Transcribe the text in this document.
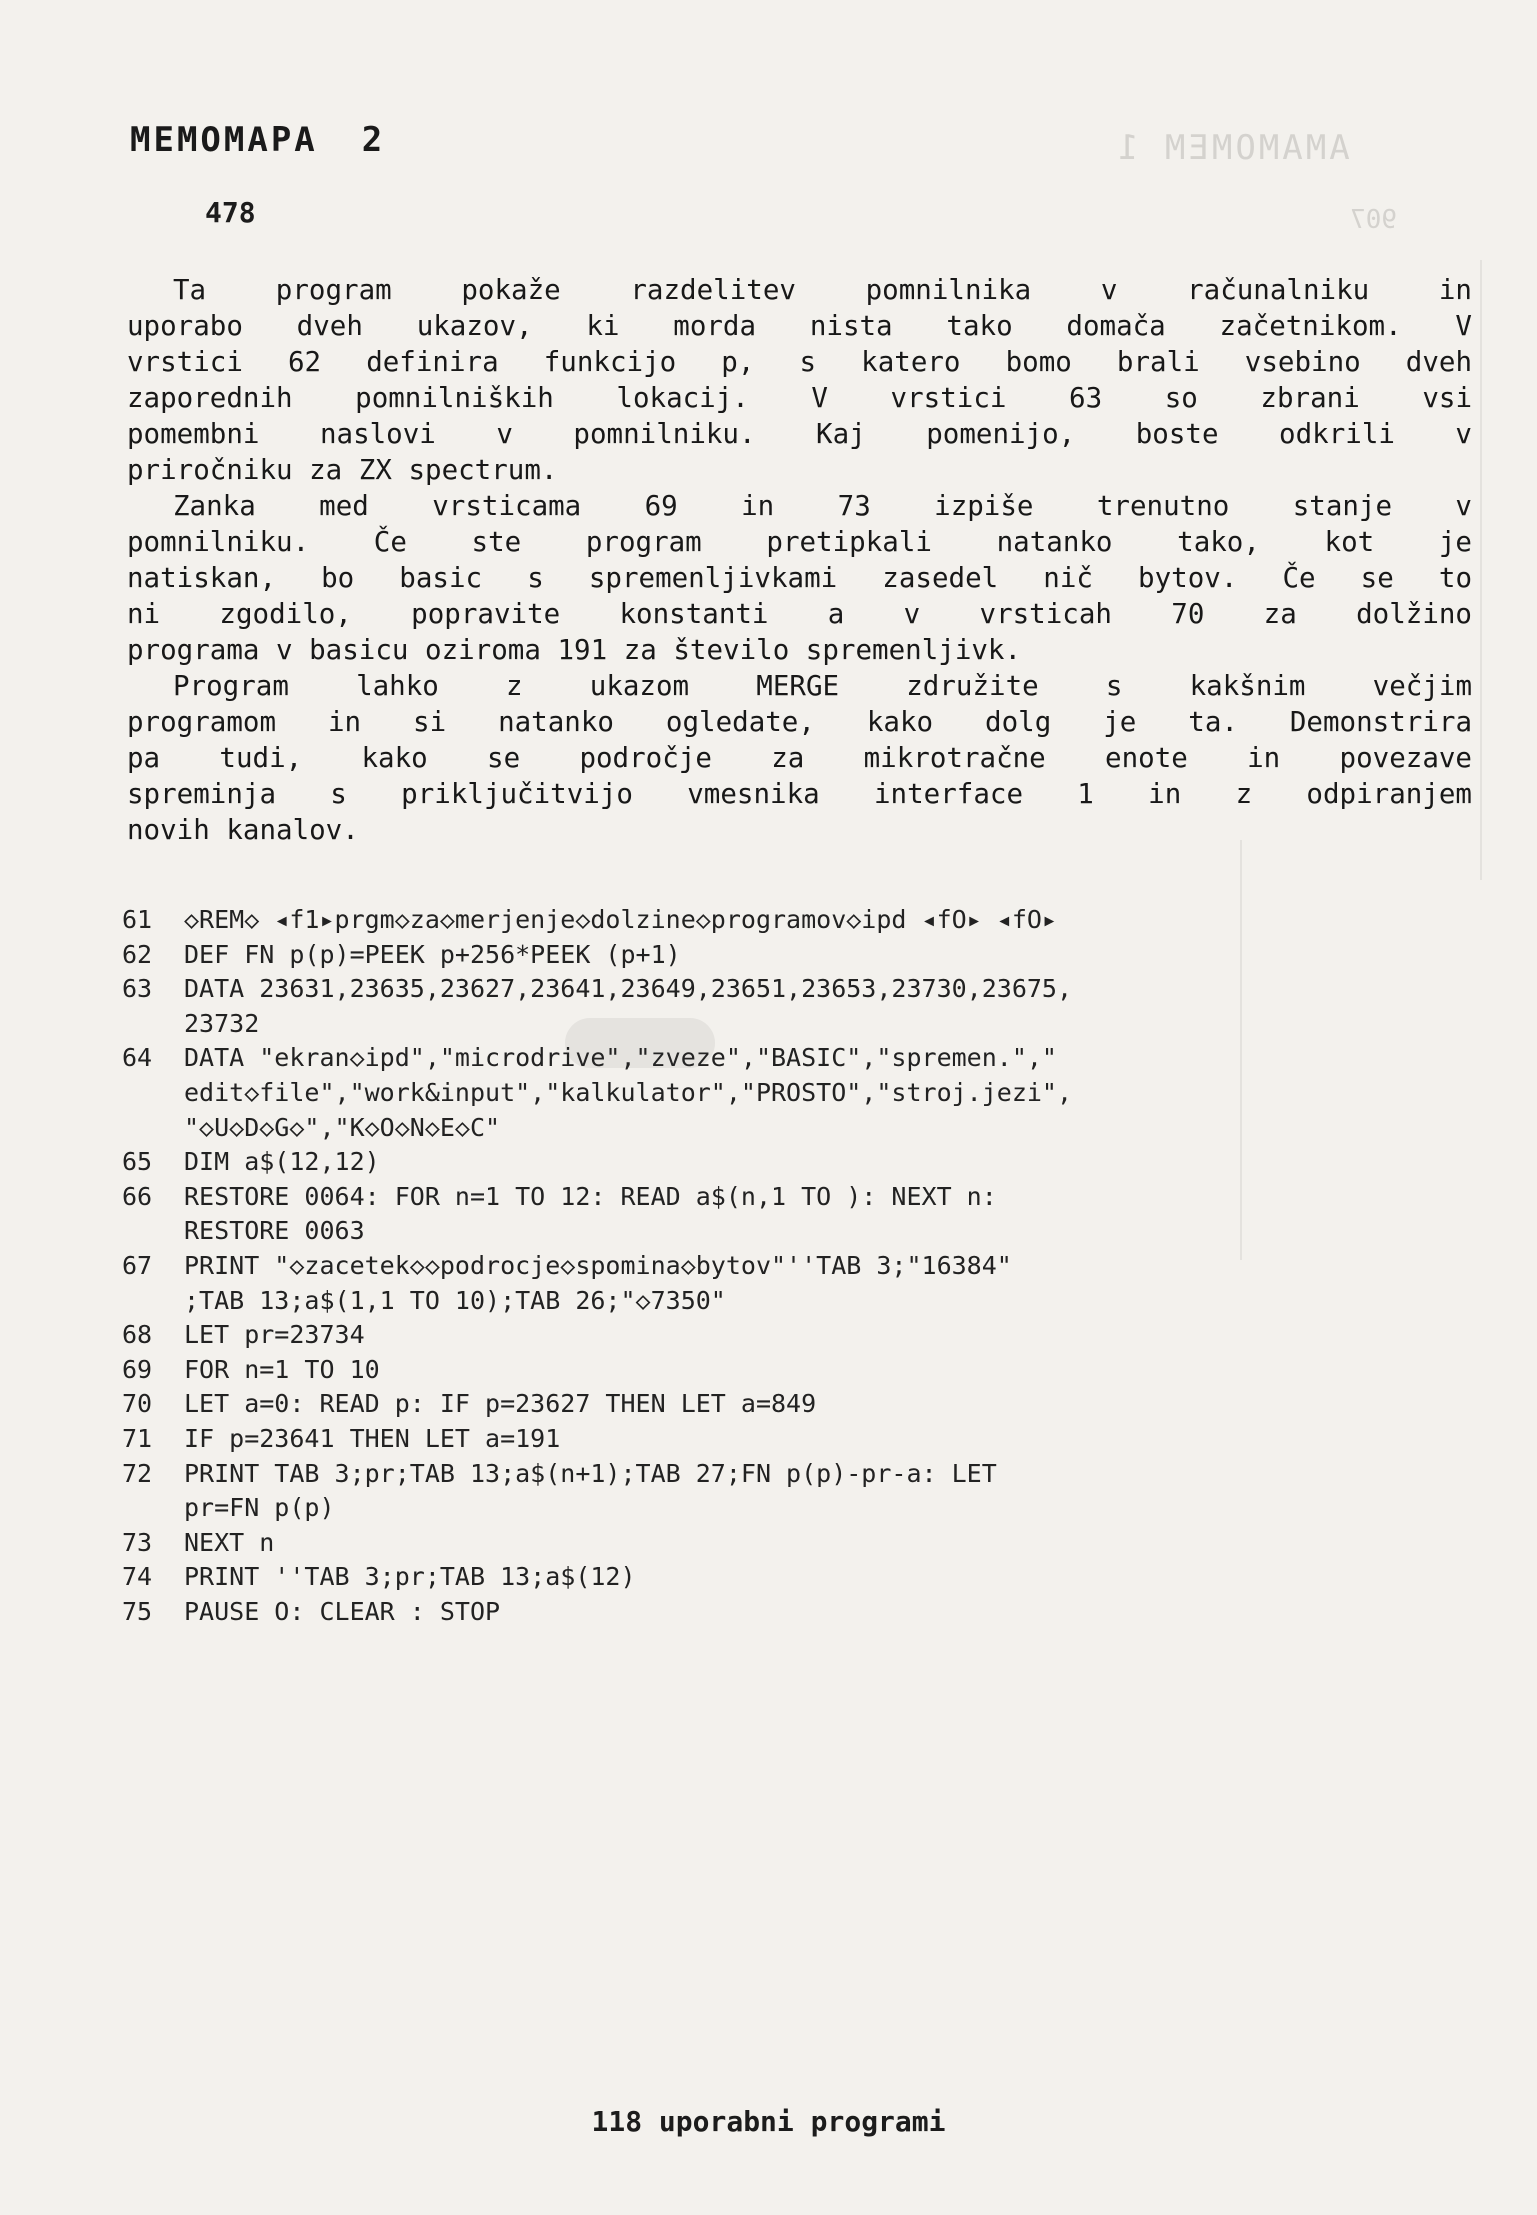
AMAMOMEM 1
907
MEMOMAPA 2
478
Ta program pokaže razdelitev pomnilnika v računalniku in
uporabo dveh ukazov, ki morda nista tako domača začetnikom. V
vrstici 62 definira funkcijo p, s katero bomo brali vsebino dveh
zaporednih pomnilniških lokacij. V vrstici 63 so zbrani vsi
pomembni naslovi v pomnilniku. Kaj pomenijo, boste odkrili v
priročniku za ZX spectrum.
Zanka med vrsticama 69 in 73 izpiše trenutno stanje v
pomnilniku. Če ste program pretipkali natanko tako, kot je
natiskan, bo basic s spremenljivkami zasedel nič bytov. Če se to
ni zgodilo, popravite konstanti a v vrsticah 70 za dolžino
programa v basicu oziroma 191 za število spremenljivk.
Program lahko z ukazom MERGE združite s kakšnim večjim
programom in si natanko ogledate, kako dolg je ta. Demonstrira
pa tudi, kako se področje za mikrotračne enote in povezave
spreminja s priključitvijo vmesnika interface 1 in z odpiranjem
novih kanalov.
61	◇REM◇ ◂f1▸prgm◇za◇merjenje◇dolzine◇programov◇ipd ◂fO▸ ◂fO▸
62	DEF FN p(p)=PEEK p+256*PEEK (p+1)
63	DATA 23631,23635,23627,23641,23649,23651,23653,23730,23675,
23732
64	DATA "ekran◇ipd","microdrive","zveze","BASIC","spremen.","
edit◇file","work&input","kalkulator","PROSTO","stroj.jezi",
"◇U◇D◇G◇","K◇O◇N◇E◇C"
65	DIM a$(12,12)
66	RESTORE 0064: FOR n=1 TO 12: READ a$(n,1 TO ): NEXT n:
RESTORE 0063
67	PRINT "◇zacetek◇◇podrocje◇spomina◇bytov"''TAB 3;"16384"
;TAB 13;a$(1,1 TO 10);TAB 26;"◇7350"
68	LET pr=23734
69	FOR n=1 TO 10
70	LET a=0: READ p: IF p=23627 THEN LET a=849
71	IF p=23641 THEN LET a=191
72	PRINT TAB 3;pr;TAB 13;a$(n+1);TAB 27;FN p(p)-pr-a: LET
pr=FN p(p)
73	NEXT n
74	PRINT ''TAB 3;pr;TAB 13;a$(12)
75	PAUSE O: CLEAR : STOP
118 uporabni programi
